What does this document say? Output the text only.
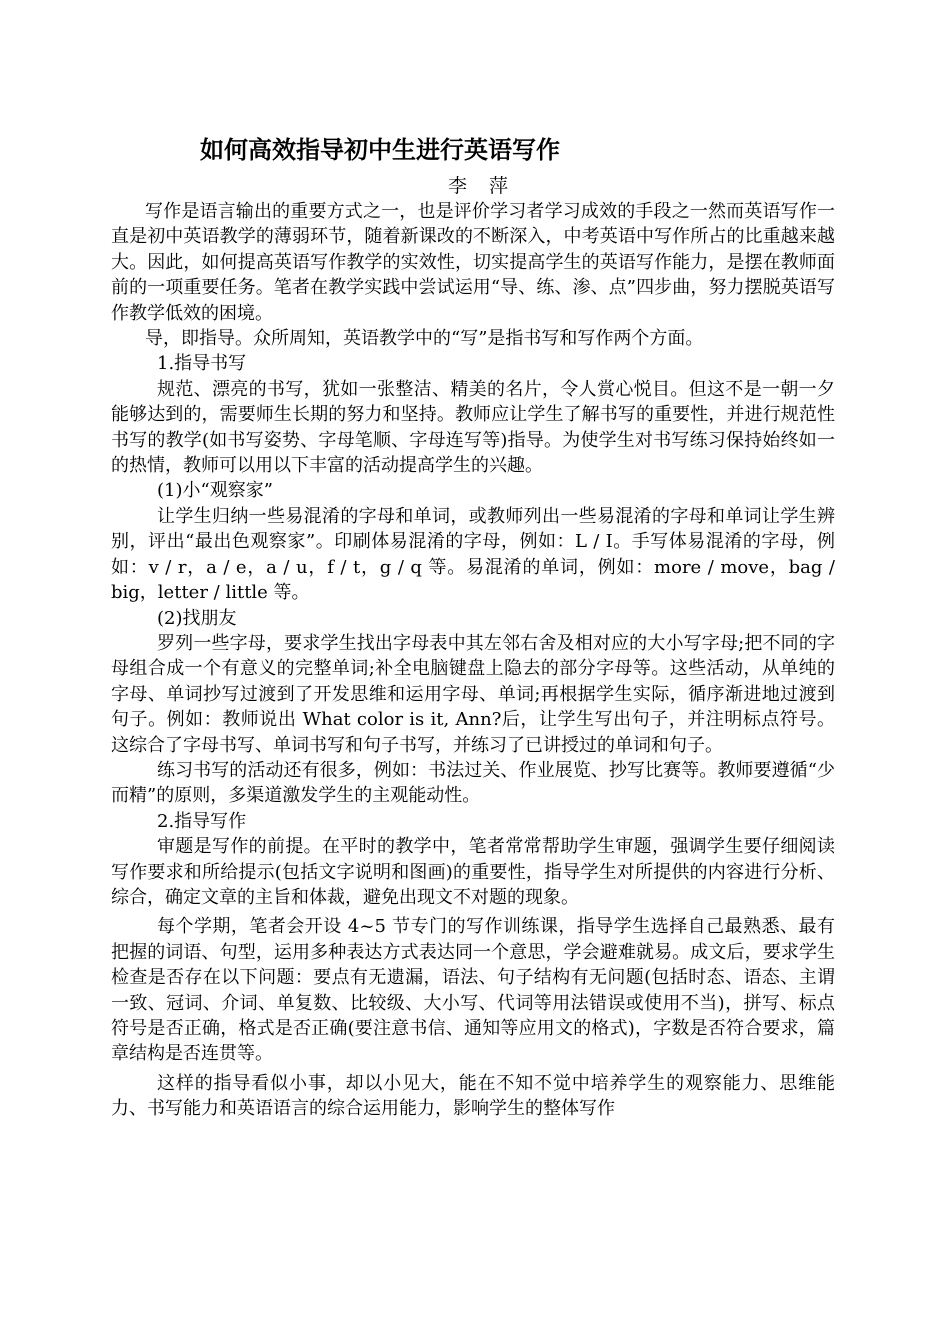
如何高效指导初中生进行英语写作
李 萍

写作是语言输出的重要方式之一，也是评价学习者学习成效的手段之一然而英语写作一直是初中英语教学的薄弱环节，随着新课改的不断深入，中考英语中写作所占的比重越来越大。因此，如何提高英语写作教学的实效性，切实提高学生的英语写作能力，是摆在教师面前的一项重要任务。笔者在教学实践中尝试运用“导、练、渗、点”四步曲，努力摆脱英语写作教学低效的困境。

导，即指导。众所周知，英语教学中的“写”是指书写和写作两个方面。

1.指导书写

规范、漂亮的书写，犹如一张整洁、精美的名片，令人赏心悦目。但这不是一朝一夕能够达到的，需要师生长期的努力和坚持。教师应让学生了解书写的重要性，并进行规范性书写的教学(如书写姿势、字母笔顺、字母连写等)指导。为使学生对书写练习保持始终如一的热情，教师可以用以下丰富的活动提高学生的兴趣。

(1)小“观察家”

让学生归纳一些易混淆的字母和单词，或教师列出一些易混淆的字母和单词让学生辨别，评出“最出色观察家”。印刷体易混淆的字母，例如：L / I。手写体易混淆的字母，例如：v / r，a / e，a / u，f / t，g / q 等。易混淆的单词，例如：more / move，bag / big，letter / little 等。

(2)找朋友

罗列一些字母，要求学生找出字母表中其左邻右舍及相对应的大小写字母;把不同的字母组合成一个有意义的完整单词;补全电脑键盘上隐去的部分字母等。这些活动，从单纯的字母、单词抄写过渡到了开发思维和运用字母、单词;再根据学生实际，循序渐进地过渡到句子。例如：教师说出 What color is it, Ann?后，让学生写出句子，并注明标点符号。这综合了字母书写、单词书写和句子书写，并练习了已讲授过的单词和句子。

练习书写的活动还有很多，例如：书法过关、作业展览、抄写比赛等。教师要遵循“少而精”的原则，多渠道激发学生的主观能动性。

2.指导写作

审题是写作的前提。在平时的教学中，笔者常常帮助学生审题，强调学生要仔细阅读写作要求和所给提示(包括文字说明和图画)的重要性，指导学生对所提供的内容进行分析、综合，确定文章的主旨和体裁，避免出现文不对题的现象。

每个学期，笔者会开设 4~5 节专门的写作训练课，指导学生选择自己最熟悉、最有把握的词语、句型，运用多种表达方式表达同一个意思，学会避难就易。成文后，要求学生检查是否存在以下问题：要点有无遗漏，语法、句子结构有无问题(包括时态、语态、主谓一致、冠词、介词、单复数、比较级、大小写、代词等用法错误或使用不当)，拼写、标点符号是否正确，格式是否正确(要注意书信、通知等应用文的格式)，字数是否符合要求，篇章结构是否连贯等。

这样的指导看似小事，却以小见大，能在不知不觉中培养学生的观察能力、思维能力、书写能力和英语语言的综合运用能力，影响学生的整体写作
